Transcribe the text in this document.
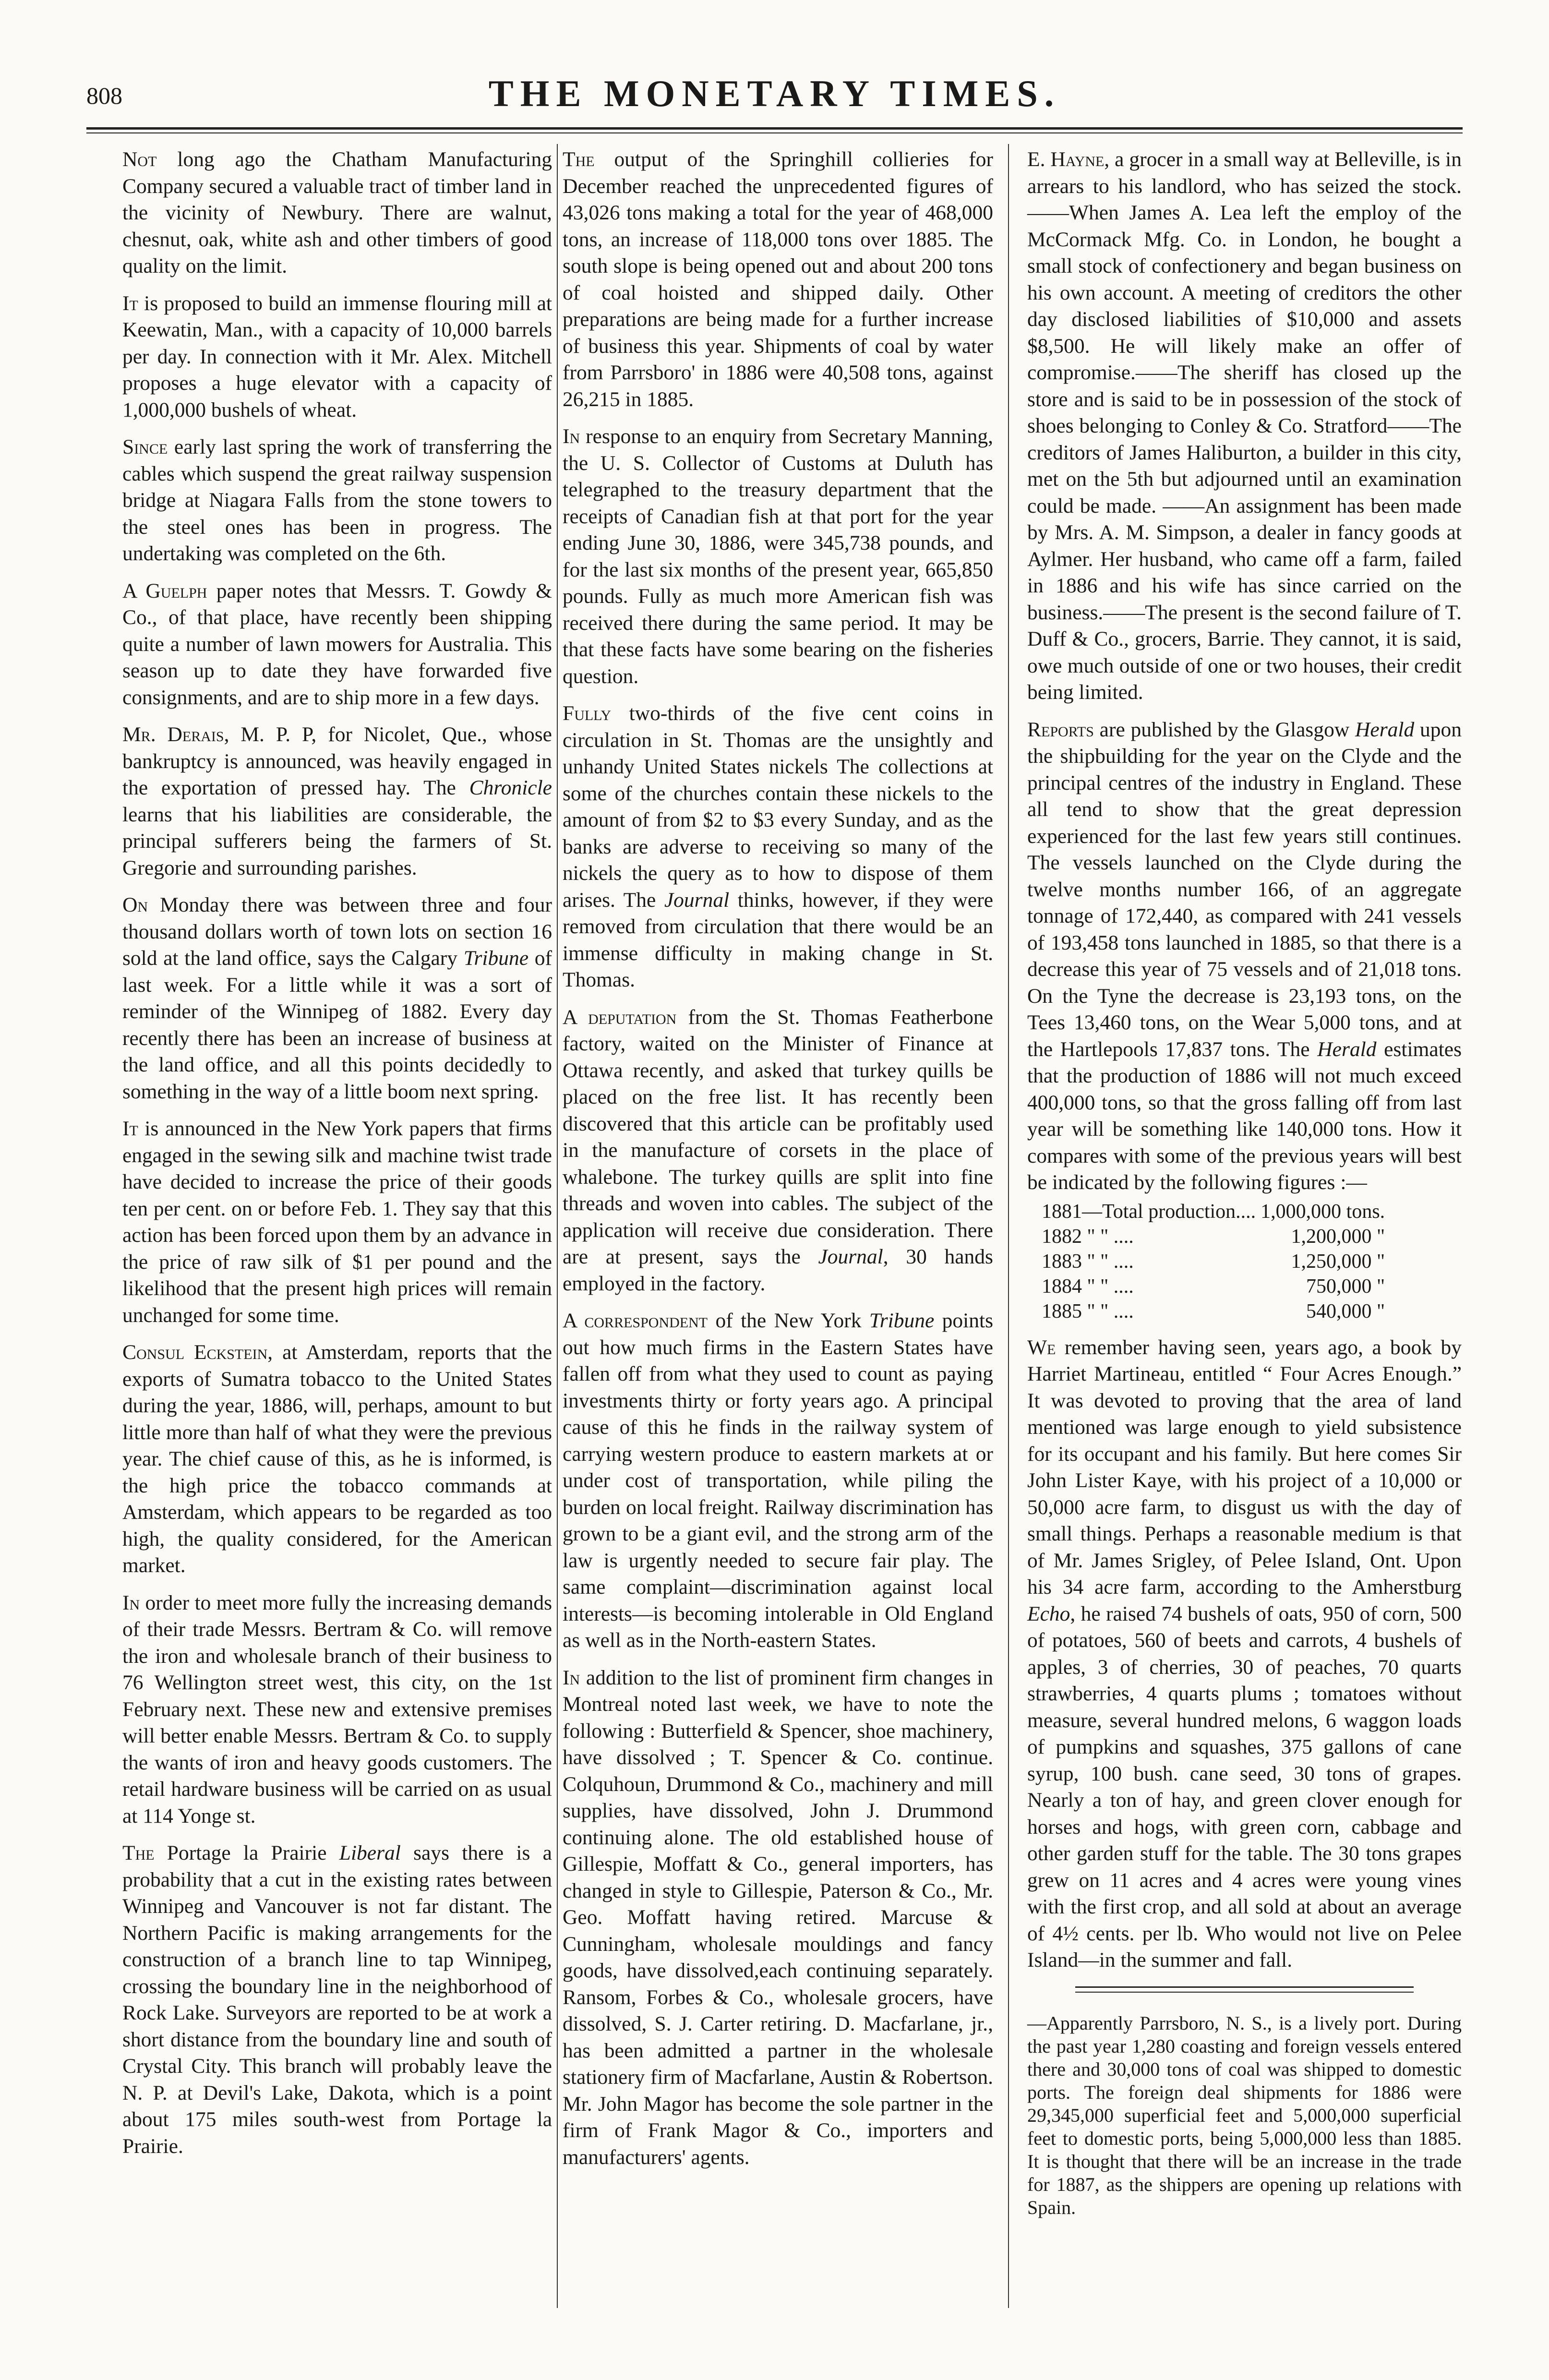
808	THE MONETARY TIMES.

Not long ago the Chatham Manufacturing Company secured a valuable tract of timber land in the vicinity of Newbury. There are walnut, chesnut, oak, white ash and other timbers of good quality on the limit.

It is proposed to build an immense flouring mill at Keewatin, Man., with a capacity of 10,000 barrels per day. In connection with it Mr. Alex. Mitchell proposes a huge elevator with a capacity of 1,000,000 bushels of wheat.

Since early last spring the work of transferring the cables which suspend the great railway suspension bridge at Niagara Falls from the stone towers to the steel ones has been in progress. The undertaking was completed on the 6th.

A Guelph paper notes that Messrs. T. Gowdy & Co., of that place, have recently been shipping quite a number of lawn mowers for Australia. This season up to date they have forwarded five consignments, and are to ship more in a few days.

Mr. Derais, M. P. P, for Nicolet, Que., whose bankruptcy is announced, was heavily engaged in the exportation of pressed hay. The Chronicle learns that his liabilities are considerable, the principal sufferers being the farmers of St. Gregorie and surrounding parishes.

On Monday there was between three and four thousand dollars worth of town lots on section 16 sold at the land office, says the Calgary Tribune of last week. For a little while it was a sort of reminder of the Winnipeg of 1882. Every day recently there has been an increase of business at the land office, and all this points decidedly to something in the way of a little boom next spring.

It is announced in the New York papers that firms engaged in the sewing silk and machine twist trade have decided to increase the price of their goods ten per cent. on or before Feb. 1. They say that this action has been forced upon them by an advance in the price of raw silk of $1 per pound and the likelihood that the present high prices will remain unchanged for some time.

Consul Eckstein, at Amsterdam, reports that the exports of Sumatra tobacco to the United States during the year, 1886, will, perhaps, amount to but little more than half of what they were the previous year. The chief cause of this, as he is informed, is the high price the tobacco commands at Amsterdam, which appears to be regarded as too high, the quality considered, for the American market.

In order to meet more fully the increasing demands of their trade Messrs. Bertram & Co. will remove the iron and wholesale branch of their business to 76 Wellington street west, this city, on the 1st February next. These new and extensive premises will better enable Messrs. Bertram & Co. to supply the wants of iron and heavy goods customers. The retail hardware business will be carried on as usual at 114 Yonge st.

The Portage la Prairie Liberal says there is a probability that a cut in the existing rates between Winnipeg and Vancouver is not far distant. The Northern Pacific is making arrangements for the construction of a branch line to tap Winnipeg, crossing the boundary line in the neighborhood of Rock Lake. Surveyors are reported to be at work a short distance from the boundary line and south of Crystal City. This branch will probably leave the N. P. at Devil's Lake, Dakota, which is a point about 175 miles south-west from Portage la Prairie.

The output of the Springhill collieries for December reached the unprecedented figures of 43,026 tons making a total for the year of 468,000 tons, an increase of 118,000 tons over 1885. The south slope is being opened out and about 200 tons of coal hoisted and shipped daily. Other preparations are being made for a further increase of business this year. Shipments of coal by water from Parrsboro' in 1886 were 40,508 tons, against 26,215 in 1885.

In response to an enquiry from Secretary Manning, the U. S. Collector of Customs at Duluth has telegraphed to the treasury department that the receipts of Canadian fish at that port for the year ending June 30, 1886, were 345,738 pounds, and for the last six months of the present year, 665,850 pounds. Fully as much more American fish was received there during the same period. It may be that these facts have some bearing on the fisheries question.

Fully two-thirds of the five cent coins in circulation in St. Thomas are the unsightly and unhandy United States nickels The collections at some of the churches contain these nickels to the amount of from $2 to $3 every Sunday, and as the banks are adverse to receiving so many of the nickels the query as to how to dispose of them arises. The Journal thinks, however, if they were removed from circulation that there would be an immense difficulty in making change in St. Thomas.

A deputation from the St. Thomas Featherbone factory, waited on the Minister of Finance at Ottawa recently, and asked that turkey quills be placed on the free list. It has recently been discovered that this article can be profitably used in the manufacture of corsets in the place of whalebone. The turkey quills are split into fine threads and woven into cables. The subject of the application will receive due consideration. There are at present, says the Journal, 30 hands employed in the factory.

A correspondent of the New York Tribune points out how much firms in the Eastern States have fallen off from what they used to count as paying investments thirty or forty years ago. A principal cause of this he finds in the railway system of carrying western produce to eastern markets at or under cost of transportation, while piling the burden on local freight. Railway discrimination has grown to be a giant evil, and the strong arm of the law is urgently needed to secure fair play. The same complaint—discrimination against local interests—is becoming intolerable in Old England as well as in the North-eastern States.

In addition to the list of prominent firm changes in Montreal noted last week, we have to note the following : Butterfield & Spencer, shoe machinery, have dissolved ; T. Spencer & Co. continue. Colquhoun, Drummond & Co., machinery and mill supplies, have dissolved, John J. Drummond continuing alone. The old established house of Gillespie, Moffatt & Co., general importers, has changed in style to Gillespie, Paterson & Co., Mr. Geo. Moffatt having retired. Marcuse & Cunningham, wholesale mouldings and fancy goods, have dissolved,each continuing separately. Ransom, Forbes & Co., wholesale grocers, have dissolved, S. J. Carter retiring. D. Macfarlane, jr., has been admitted a partner in the wholesale stationery firm of Macfarlane, Austin & Robertson. Mr. John Magor has become the sole partner in the firm of Frank Magor & Co., importers and manufacturers' agents.

E. Hayne, a grocer in a small way at Belleville, is in arrears to his landlord, who has seized the stock.——When James A. Lea left the employ of the McCormack Mfg. Co. in London, he bought a small stock of confectionery and began business on his own account. A meeting of creditors the other day disclosed liabilities of $10,000 and assets $8,500. He will likely make an offer of compromise.——The sheriff has closed up the store and is said to be in possession of the stock of shoes belonging to Conley & Co. Stratford——The creditors of James Haliburton, a builder in this city, met on the 5th but adjourned until an examination could be made. ——An assignment has been made by Mrs. A. M. Simpson, a dealer in fancy goods at Aylmer. Her husband, who came off a farm, failed in 1886 and his wife has since carried on the business.——The present is the second failure of T. Duff & Co., grocers, Barrie. They cannot, it is said, owe much outside of one or two houses, their credit being limited.

Reports are published by the Glasgow Herald upon the shipbuilding for the year on the Clyde and the principal centres of the industry in England. These all tend to show that the great depression experienced for the last few years still continues. The vessels launched on the Clyde during the twelve months number 166, of an aggregate tonnage of 172,440, as compared with 241 vessels of 193,458 tons launched in 1885, so that there is a decrease this year of 75 vessels and of 21,018 tons. On the Tyne the decrease is 23,193 tons, on the Tees 13,460 tons, on the Wear 5,000 tons, and at the Hartlepools 17,837 tons. The Herald estimates that the production of 1886 will not much exceed 400,000 tons, so that the gross falling off from last year will be something like 140,000 tons. How it compares with some of the previous years will best be indicated by the following figures :—

1881—Total production....	1,000,000 tons.
1882 " " ....	1,200,000 "
1883 " " ....	1,250,000 "
1884 " " ....	750,000 "
1885 " " ....	540,000 "

We remember having seen, years ago, a book by Harriet Martineau, entitled “ Four Acres Enough.” It was devoted to proving that the area of land mentioned was large enough to yield subsistence for its occupant and his family. But here comes Sir John Lister Kaye, with his project of a 10,000 or 50,000 acre farm, to disgust us with the day of small things. Perhaps a reasonable medium is that of Mr. James Srigley, of Pelee Island, Ont. Upon his 34 acre farm, according to the Amherstburg Echo, he raised 74 bushels of oats, 950 of corn, 500 of potatoes, 560 of beets and carrots, 4 bushels of apples, 3 of cherries, 30 of peaches, 70 quarts strawberries, 4 quarts plums ; tomatoes without measure, several hundred melons, 6 waggon loads of pumpkins and squashes, 375 gallons of cane syrup, 100 bush. cane seed, 30 tons of grapes. Nearly a ton of hay, and green clover enough for horses and hogs, with green corn, cabbage and other garden stuff for the table. The 30 tons grapes grew on 11 acres and 4 acres were young vines with the first crop, and all sold at about an average of 4½ cents. per lb. Who would not live on Pelee Island—in the summer and fall.

—Apparently Parrsboro, N. S., is a lively port. During the past year 1,280 coasting and foreign vessels entered there and 30,000 tons of coal was shipped to domestic ports. The foreign deal shipments for 1886 were 29,345,000 superficial feet and 5,000,000 superficial feet to domestic ports, being 5,000,000 less than 1885. It is thought that there will be an increase in the trade for 1887, as the shippers are opening up relations with Spain.
